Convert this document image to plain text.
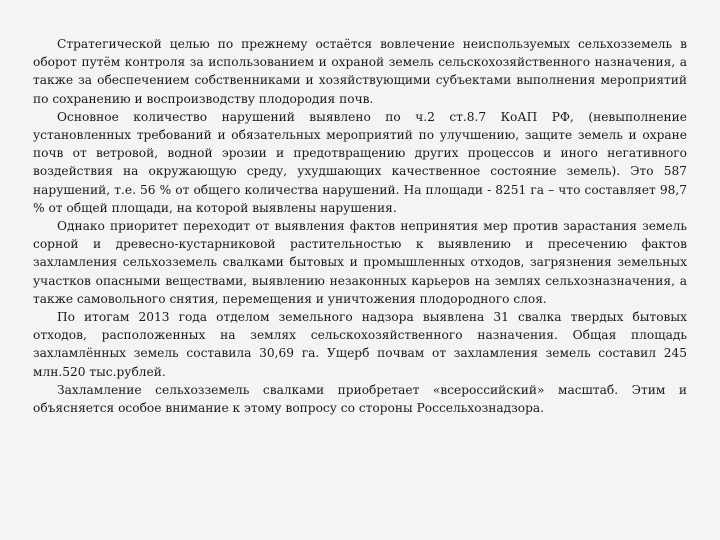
Стратегической целью по прежнему остаётся вовлечение неиспользуемых сельхозземель в оборот путём контроля за использованием и охраной земель сельскохозяйственного назначения, а также за обеспечением собственниками и хозяйствующими субъектами выполнения мероприятий по сохранению и воспроизводству плодородия почв.

Основное количество нарушений выявлено по ч.2 ст.8.7 КоАП РФ, (невыполнение установленных требований и обязательных мероприятий по улучшению, защите земель и охране почв от ветровой, водной эрозии и предотвращению других процессов и иного негативного воздействия на окружающую среду, ухудшающих качественное состояние земель). Это 587 нарушений, т.е. 56 % от общего количества нарушений. На площади - 8251 га – что составляет 98,7 % от общей площади, на которой выявлены нарушения.

Однако приоритет переходит от выявления фактов непринятия мер против зарастания земель сорной и древесно-кустарниковой растительностью к выявлению и пресечению фактов захламления сельхозземель свалками бытовых и промышленных отходов, загрязнения земельных участков опасными веществами, выявлению незаконных карьеров на землях сельхозназначения, а также самовольного снятия, перемещения и уничтожения плодородного слоя.

По итогам 2013 года отделом земельного надзора выявлена 31 свалка твердых бытовых отходов, расположенных на землях сельскохозяйственного назначения. Общая площадь захламлённых земель составила 30,69 га. Ущерб почвам от захламления земель составил 245 млн.520 тыс.рублей.

Захламление сельхозземель свалками приобретает «всероссийский» масштаб. Этим и объясняется особое внимание к этому вопросу со стороны Россельхознадзора.
